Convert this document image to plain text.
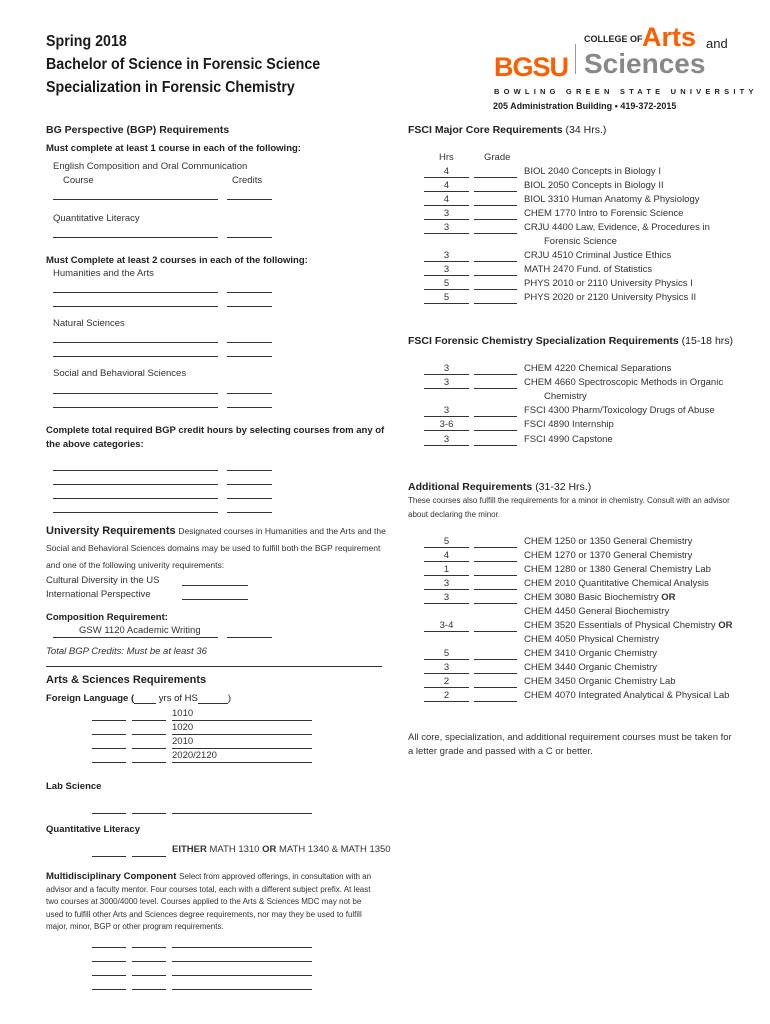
Spring 2018
Bachelor of Science in Forensic Science
Specialization in Forensic Chemistry
BGSU
COLLEGE OF Arts and
Sciences
BOWLING GREEN STATE UNIVERSITY
205 Administration Building • 419-372-2015
BG Perspective (BGP) Requirements
Must complete at least 1 course in each of the following:
English Composition and Oral Communication
Course	Credits
Quantitative Literacy
Must Complete at least 2 courses in each of the following:
Humanities and the Arts
Natural Sciences
Social and Behavioral Sciences
Complete total required BGP credit hours by selecting courses from any of the above categories:
University Requirements Designated courses in Humanities and the Arts and the Social and Behavioral Sciences domains may be used to fulfill both the BGP requirement and one of the following univerity requirements:
Cultural Diversity in the US
International Perspective
Composition Requirement:
GSW 1120 Academic Writing
Total BGP Credits: Must be at least 36
Arts & Sciences Requirements
Foreign Language (	yrs of HS	)
1010
1020
2010
2020/2120
Lab Science
Quantitative Literacy
EITHER MATH 1310 OR MATH 1340 & MATH 1350
Multidisciplinary Component Select from approved offerings, in consultation with an advisor and a faculty mentor. Four courses total, each with a different subject prefix. At least two courses at 3000/4000 level. Courses applied to the Arts & Sciences MDC may not be used to fulfill other Arts and Sciences degree requirements, nor may they be used to fulfill major, minor, BGP or other program requirements.
FSCI Major Core Requirements (34 Hrs.)
Hrs	Grade
4	BIOL 2040 Concepts in Biology I
4	BIOL 2050 Concepts in Biology II
4	BIOL 3310 Human Anatomy & Physiology
3	CHEM 1770 Intro to Forensic Science
3	CRJU 4400 Law, Evidence, & Procedures in
Forensic Science
3	CRJU 4510 Criminal Justice Ethics
3	MATH 2470 Fund. of Statistics
5	PHYS 2010 or 2110 University Physics I
5	PHYS 2020 or 2120 University Physics II
FSCI Forensic Chemistry Specialization Requirements (15-18 hrs)
3	CHEM 4220 Chemical Separations
3	CHEM 4660 Spectroscopic Methods in Organic
Chemistry
3	FSCI 4300 Pharm/Toxicology Drugs of Abuse
3-6	FSCI 4890 Internship
3	FSCI 4990 Capstone
Additional Requirements (31-32 Hrs.)
These courses also fulfill the requirements for a minor in chemistry. Consult with an advisor about declaring the minor.
5	CHEM 1250 or 1350 General Chemistry
4	CHEM 1270 or 1370 General Chemistry
1	CHEM 1280 or 1380 General Chemistry Lab
3	CHEM 2010 Quantitative Chemical Analysis
3	CHEM 3080 Basic Biochemistry OR
CHEM 4450 General Biochemistry
3-4	CHEM 3520 Essentials of Physical Chemistry OR
CHEM 4050 Physical Chemistry
5	CHEM 3410 Organic Chemistry
3	CHEM 3440 Organic Chemistry
2	CHEM 3450 Organic Chemistry Lab
2	CHEM 4070 Integrated Analytical & Physical Lab
All core, specialization, and additional requirement courses must be taken for a letter grade and passed with a C or better.
